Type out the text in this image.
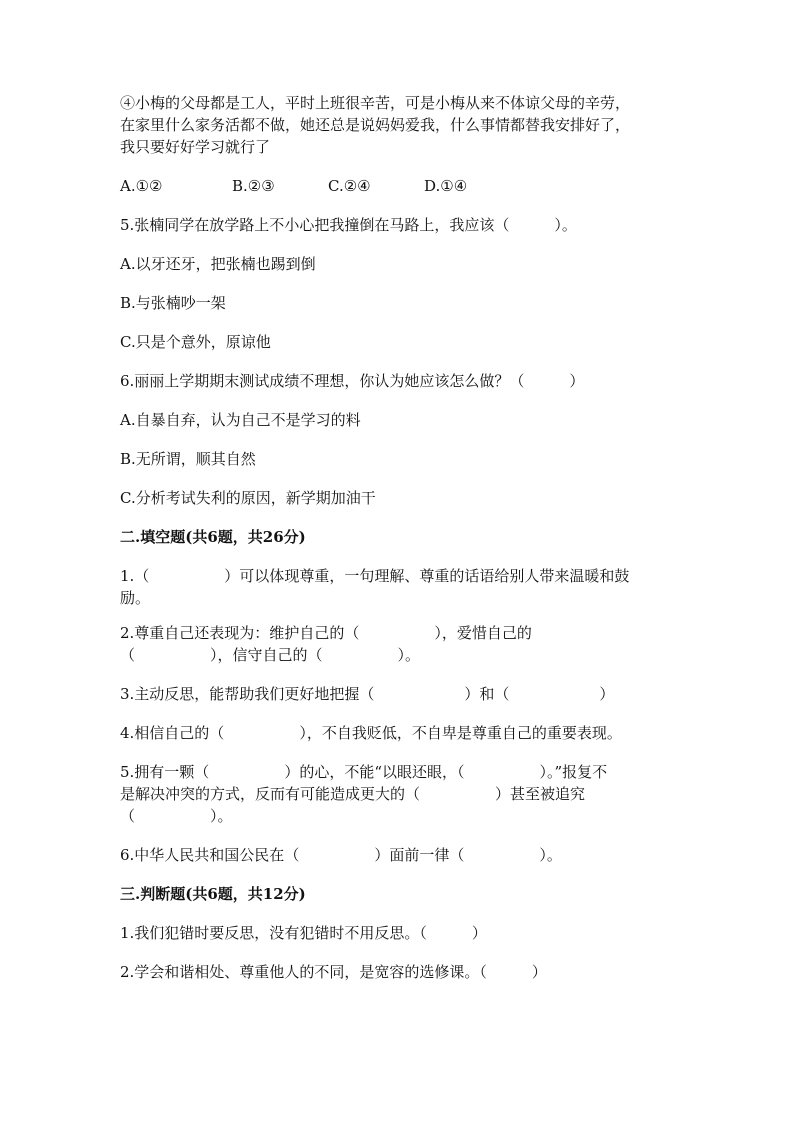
④小梅的父母都是工人，平时上班很辛苦，可是小梅从来不体谅父母的辛劳，

在家里什么家务活都不做，她还总是说妈妈爱我，什么事情都替我安排好了，

我只要好好学习就行了

A.①②	B.②③	C.②④	D.①④

5.张楠同学在放学路上不小心把我撞倒在马路上，我应该（　　　）。

A.以牙还牙，把张楠也踢到倒

B.与张楠吵一架

C.只是个意外，原谅他

6.丽丽上学期期末测试成绩不理想，你认为她应该怎么做？（　　　）

A.自暴自弃，认为自己不是学习的料

B.无所谓，顺其自然

C.分析考试失利的原因，新学期加油干

二.填空题(共6题，共26分)

1.（　　　　　）可以体现尊重，一句理解、尊重的话语给别人带来温暖和鼓

励。

2.尊重自己还表现为：维护自己的（　　　　　），爱惜自己的

（　　　　　），信守自己的（　　　　　）。

3.主动反思，能帮助我们更好地把握（　　　　　　）和（　　　　　　）

4.相信自己的（　　　　　），不自我贬低，不自卑是尊重自己的重要表现。

5.拥有一颗（　　　　　）的心，不能“以眼还眼，（　　　　　）。”报复不

是解决冲突的方式，反而有可能造成更大的（　　　　　）甚至被追究

（　　　　　）。

6.中华人民共和国公民在（　　　　　）面前一律（　　　　　）。

三.判断题(共6题，共12分)

1.我们犯错时要反思，没有犯错时不用反思。（　　　）

2.学会和谐相处、尊重他人的不同，是宽容的选修课。（　　　）
